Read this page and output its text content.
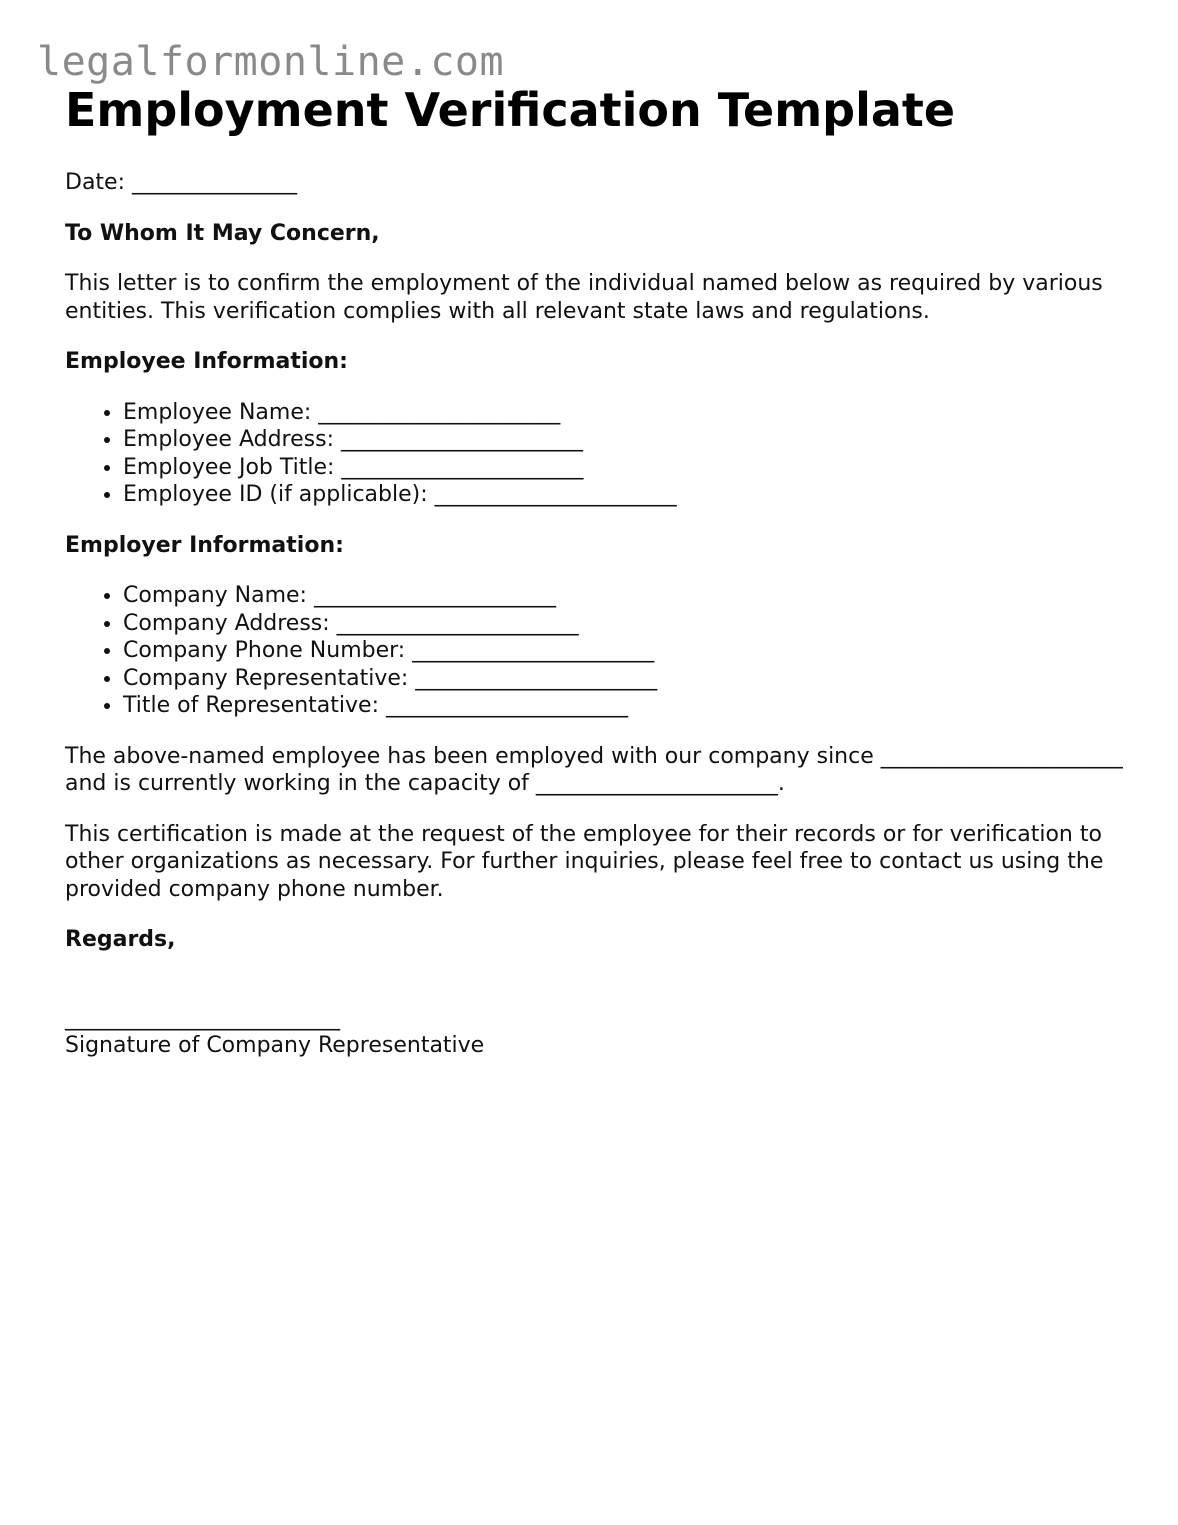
legalformonline.com
Employment Verification Template

Date: _______________

To Whom It May Concern,

This letter is to confirm the employment of the individual named below as required by various entities. This verification complies with all relevant state laws and regulations.

Employee Information:

• Employee Name: ______________________
• Employee Address: ______________________
• Employee Job Title: ______________________
• Employee ID (if applicable): ______________________

Employer Information:

• Company Name: ______________________
• Company Address: ______________________
• Company Phone Number: ______________________
• Company Representative: ______________________
• Title of Representative: ______________________

The above-named employee has been employed with our company since ______________________ and is currently working in the capacity of ______________________.

This certification is made at the request of the employee for their records or for verification to other organizations as necessary. For further inquiries, please feel free to contact us using the provided company phone number.

Regards,

_________________________

Signature of Company Representative
